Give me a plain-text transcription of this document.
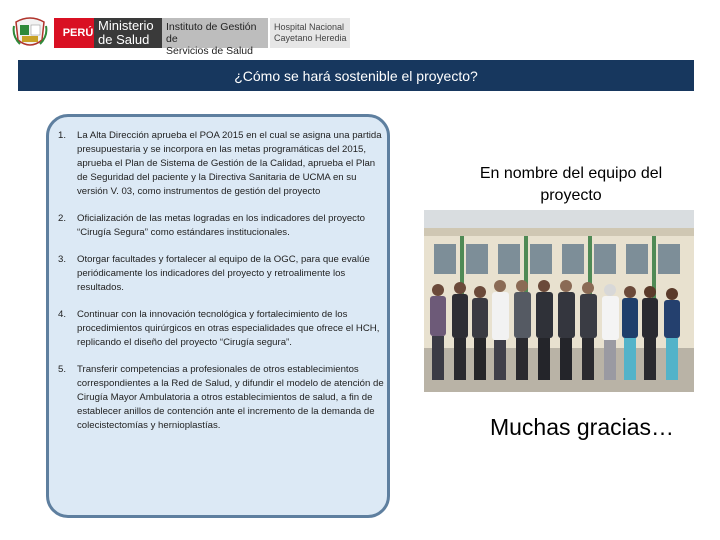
PERÚ Ministerio
de Salud
Instituto de Gestión de
Servicios de Salud
Hospital Nacional
Cayetano Heredia
¿Cómo se hará sostenible el proyecto?
1. La Alta Dirección aprueba el POA 2015 en el cual se asigna una partida presupuestaria y se incorpora en las metas programáticas del 2015, aprueba el Plan de Sistema de Gestión de la Calidad, aprueba el Plan de Seguridad del paciente y la Directiva Sanitaria de UCMA en su versión V. 03, como instrumentos de gestión del proyecto
2. Oficialización de las metas logradas en los indicadores del proyecto “Cirugía Segura” como estándares institucionales.
3. Otorgar facultades y fortalecer al equipo de la OGC, para que evalúe periódicamente los indicadores del proyecto y retroalimente los resultados.
4. Continuar con la innovación tecnológica y fortalecimiento de los procedimientos quirúrgicos en otras especialidades que ofrece el HCH, replicando el diseño del proyecto “Cirugía segura”.
5. Transferir competencias a profesionales de otros establecimientos correspondientes a la Red de Salud, y difundir el modelo de atención de Cirugía Mayor Ambulatoria a otros establecimientos de salud, a fin de establecer anillos de contención ante el incremento de la demanda de colecistectomías y hernioplastías.
En nombre del equipo del proyecto
Muchas gracias…
